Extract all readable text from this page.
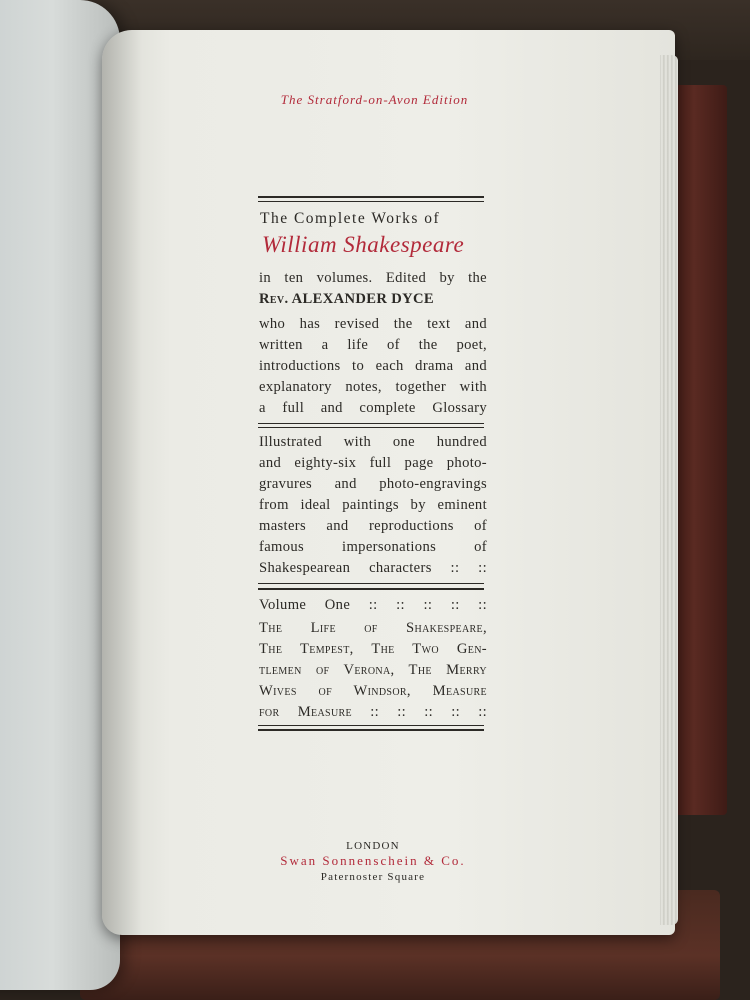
The Stratford-on-Avon Edition

The Complete Works of

William Shakespeare

in ten volumes. Edited by the

Rev. ALEXANDER DYCE

who has revised the text and

written a life of the poet,

introductions to each drama and

explanatory notes, together with

a full and complete Glossary

Illustrated with one hundred

and eighty-six full page photo-

gravures and photo-engravings

from ideal paintings by eminent

masters and reproductions of

famous impersonations of

Shakespearean characters :: ::

Volume One :: :: :: :: ::

The Life of Shakespeare,

The Tempest, The Two Gen-

tlemen of Verona, The Merry

Wives of Windsor, Measure

for Measure :: :: :: :: ::

LONDON

Swan Sonnenschein & Co.

Paternoster Square
